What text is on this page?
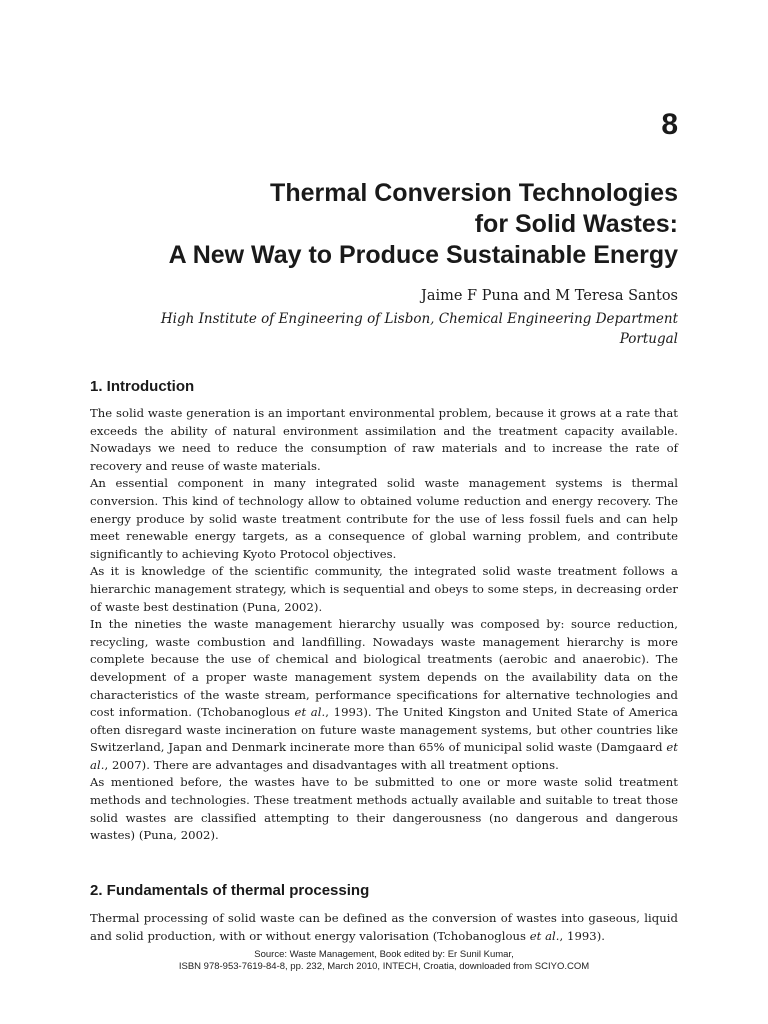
8
Thermal Conversion Technologies
for Solid Wastes:
A New Way to Produce Sustainable Energy

Jaime F Puna and M Teresa Santos

High Institute of Engineering of Lisbon, Chemical Engineering Department
Portugal

1. Introduction

The solid waste generation is an important environmental problem, because it grows at a rate that exceeds the ability of natural environment assimilation and the treatment capacity available. Nowadays we need to reduce the consumption of raw materials and to increase the rate of recovery and reuse of waste materials.

An essential component in many integrated solid waste management systems is thermal conversion. This kind of technology allow to obtained volume reduction and energy recovery. The energy produce by solid waste treatment contribute for the use of less fossil fuels and can help meet renewable energy targets, as a consequence of global warning problem, and contribute significantly to achieving Kyoto Protocol objectives.

As it is knowledge of the scientific community, the integrated solid waste treatment follows a hierarchic management strategy, which is sequential and obeys to some steps, in decreasing order of waste best destination (Puna, 2002).

In the nineties the waste management hierarchy usually was composed by: source reduction, recycling, waste combustion and landfilling. Nowadays waste management hierarchy is more complete because the use of chemical and biological treatments (aerobic and anaerobic). The development of a proper waste management system depends on the availability data on the characteristics of the waste stream, performance specifications for alternative technologies and cost information. (Tchobanoglous et al., 1993). The United Kingston and United State of America often disregard waste incineration on future waste management systems, but other countries like Switzerland, Japan and Denmark incinerate more than 65% of municipal solid waste (Damgaard et al., 2007). There are advantages and disadvantages with all treatment options.

As mentioned before, the wastes have to be submitted to one or more waste solid treatment methods and technologies. These treatment methods actually available and suitable to treat those solid wastes are classified attempting to their dangerousness (no dangerous and dangerous wastes) (Puna, 2002).

2. Fundamentals of thermal processing

Thermal processing of solid waste can be defined as the conversion of wastes into gaseous, liquid and solid production, with or without energy valorisation (Tchobanoglous et al., 1993).

Source: Waste Management, Book edited by: Er Sunil Kumar,
ISBN 978-953-7619-84-8, pp. 232, March 2010, INTECH, Croatia, downloaded from SCIYO.COM
